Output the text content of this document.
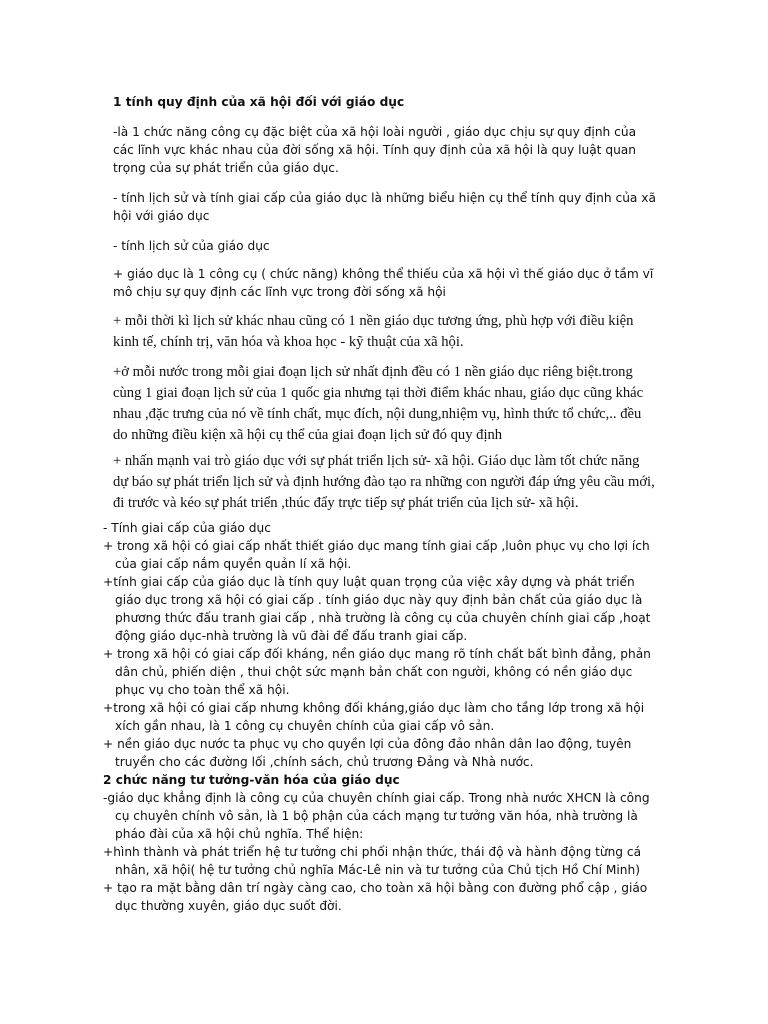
1 tính quy định của xã hội đối với giáo dục

-là 1 chức năng công cụ đặc biệt của xã hội loài người , giáo dục chịu sự quy định của các lĩnh vực khác nhau của đời sống xã hội. Tính quy định của xã hội là quy luật quan trọng của sự phát triển của giáo dục.

- tính lịch sử và tính giai cấp của giáo dục là những biểu hiện cụ thể tính quy định của xã hội với giáo dục

- tính lịch sử của giáo dục

+ giáo dục là 1 công cụ ( chức năng) không thể thiếu của xã hội vì thế giáo dục ở tầm vĩ mô chịu sự quy định các lĩnh vực trong đời sống xã hội

+ mỗi thời kì lịch sử khác nhau cũng có 1 nền giáo dục tương ứng, phù hợp với điều kiện kinh tế, chính trị, văn hóa và khoa học - kỹ thuật của xã hội.

+ở mỗi nước trong mỗi giai đoạn lịch sử nhất định đều có 1 nền giáo dục riêng biệt.trong cùng 1 giai đoạn lịch sử của 1 quốc gia nhưng tại thời điểm khác nhau, giáo dục cũng khác nhau ,đặc trưng của nó về tính chất, mục đích, nội dung,nhiệm vụ, hình thức tổ chức,.. đều do những điều kiện xã hội cụ thể của giai đoạn lịch sử đó quy định

+ nhấn mạnh vai trò giáo dục với sự phát triển lịch sử- xã hội. Giáo dục làm tốt chức năng dự báo sự phát triển lịch sử và định hướng đào tạo ra những con người đáp ứng yêu cầu mới, đi trước và kéo sự phát triển ,thúc đẩy trực tiếp sự phát triển của lịch sử- xã hội.

- Tính giai cấp của giáo dục

+ trong xã hội có giai cấp nhất thiết giáo dục mang tính giai cấp ,luôn phục vụ cho lợi ích của giai cấp nắm quyền quản lí xã hội.

+tính giai cấp của giáo dục là tính quy luật quan trọng của việc xây dựng và phát triển giáo dục trong xã hội có giai cấp . tính giáo dục này quy định bản chất của giáo dục là phương thức đấu tranh giai cấp , nhà trường là công cụ của chuyên chính giai cấp ,hoạt động giáo dục-nhà trường là vũ đài để đấu tranh giai cấp.

+ trong xã hội có giai cấp đối kháng, nền giáo dục mang rõ tính chất bất bình đẳng, phản dân chủ, phiến diện , thui chột sức mạnh bản chất con người, không có nền giáo dục phục vụ cho toàn thể xã hội.

+trong xã hội có giai cấp nhưng không đối kháng,giáo dục làm cho tầng lớp trong xã hội xích gần nhau, là 1 công cụ chuyên chính của giai cấp vô sản.

+ nền giáo dục nước ta phục vụ cho quyền lợi của đông đảo nhân dân lao động, tuyên truyền cho các đường lối ,chính sách, chủ trương Đảng và Nhà nước.

2 chức năng tư tưởng-văn hóa của giáo dục

-giáo dục khẳng định là công cụ của chuyên chính giai cấp. Trong nhà nước XHCN là công cụ chuyên chính vô sản, là 1 bộ phận của cách mạng tư tưởng văn hóa, nhà trường là pháo đài của xã hội chủ nghĩa. Thể hiện:

+hình thành và phát triển hệ tư tưởng chi phối nhận thức, thái độ và hành động từng cá nhân, xã hội( hệ tư tưởng chủ nghĩa Mác-Lê nin và tư tưởng của Chủ tịch Hồ Chí Minh)

+ tạo ra mặt bằng dân trí ngày càng cao, cho toàn xã hội bằng con đường phổ cập , giáo dục thường xuyên, giáo dục suốt đời.
